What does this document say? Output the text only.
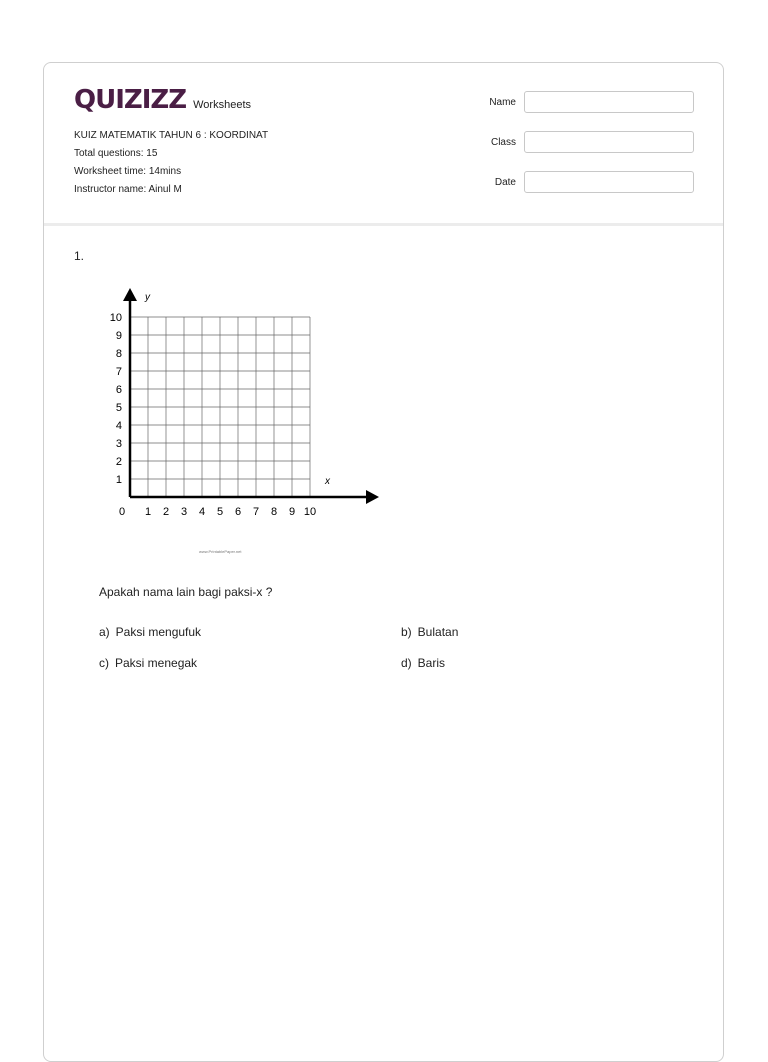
QUIZIZZ Worksheets
KUIZ MATEMATIK TAHUN 6 : KOORDINAT
Total questions: 15
Worksheet time: 14mins
Instructor name: Ainul M
Name
Class
Date
1.
x
y
0 1 2 3 4 5 6 7 8 9 10
1
2
3
4
5
6
7
8
9
10
www.PrintablePaper.net
Apakah nama lain bagi paksi-x ?
a) Paksi mengufuk	b) Bulatan
c) Paksi menegak	d) Baris
